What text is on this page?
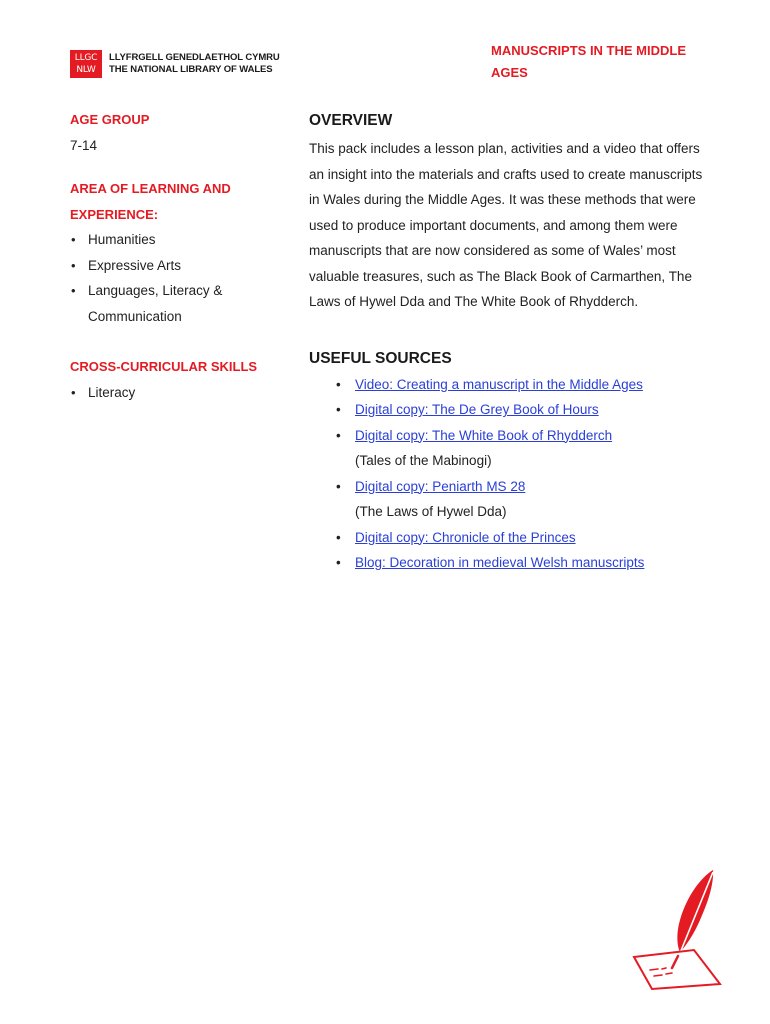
LLGC
NLW
LLYFRGELL GENEDLAETHOL CYMRU
THE NATIONAL LIBRARY OF WALES
MANUSCRIPTS IN THE MIDDLE AGES
AGE GROUP
7-14
AREA OF LEARNING AND EXPERIENCE:
• Humanities
• Expressive Arts
• Languages, Literacy & Communication
CROSS-CURRICULAR SKILLS
• Literacy
OVERVIEW
This pack includes a lesson plan, activities and a video that offers an insight into the materials and crafts used to create manuscripts in Wales during the Middle Ages. It was these methods that were used to produce important documents, and among them were manuscripts that are now considered as some of Wales’ most valuable treasures, such as The Black Book of Carmarthen, The Laws of Hywel Dda and The White Book of Rhydderch.
USEFUL SOURCES
• Video: Creating a manuscript in the Middle Ages
• Digital copy: The De Grey Book of Hours
• Digital copy: The White Book of Rhydderch
(Tales of the Mabinogi)
• Digital copy: Peniarth MS 28
(The Laws of Hywel Dda)
• Digital copy: Chronicle of the Princes
• Blog: Decoration in medieval Welsh manuscripts
